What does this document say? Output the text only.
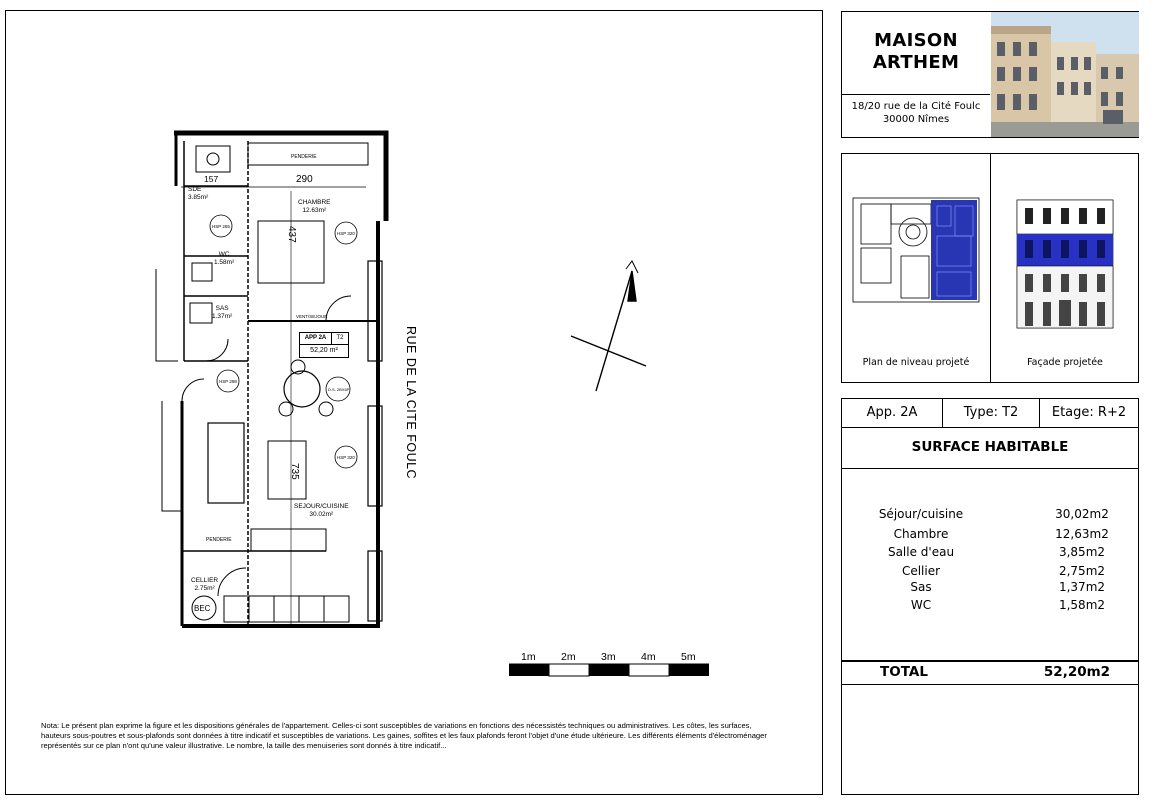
157	290
437
735
PENDERIE
PENDERIE
SDE
3.85m²
CHAMBRE
12.63m²
WC
1.58m²
SAS
1.37m²
SEJOUR/CUISINE
30.02m²
CELLIER
2.75m²
BEC
VENT/SEJOUR
HSP 265
HSP 320
HSP 298
HSP 320
D.S. 2BX6P
APP 2A	T2
52,20 m²	RUE DE LA CITE FOULC
1m 2m 3m 4m 5m
Nota: Le présent plan exprime la figure et les dispositions générales de l'appartement. Celles-ci sont susceptibles de variations en fonctions des nécessistés techniques ou administratives. Les côtes, les surfaces, hauteurs sous-poutres et sous-plafonds sont données à titre indicatif et susceptibles de variations. Les gaines, soffites et les faux plafonds feront l'objet d'une étude ultérieure. Les différents éléments d'électroménager représentés sur ce plan n'ont qu'une valeur illustrative. Le nombre, la taille des menuiseries sont donnés à titre indicatif...
MAISON
ARTHEM
18/20 rue de la Cité Foulc
30000 Nîmes
Plan de niveau projeté	Façade projetée
App. 2A	Type: T2	Etage: R+2
SURFACE HABITABLE
Séjour/cuisine	30,02m2
Chambre	12,63m2
Salle d'eau	3,85m2
Cellier	2,75m2
Sas	1,37m2
WC	1,58m2
TOTAL	52,20m2
